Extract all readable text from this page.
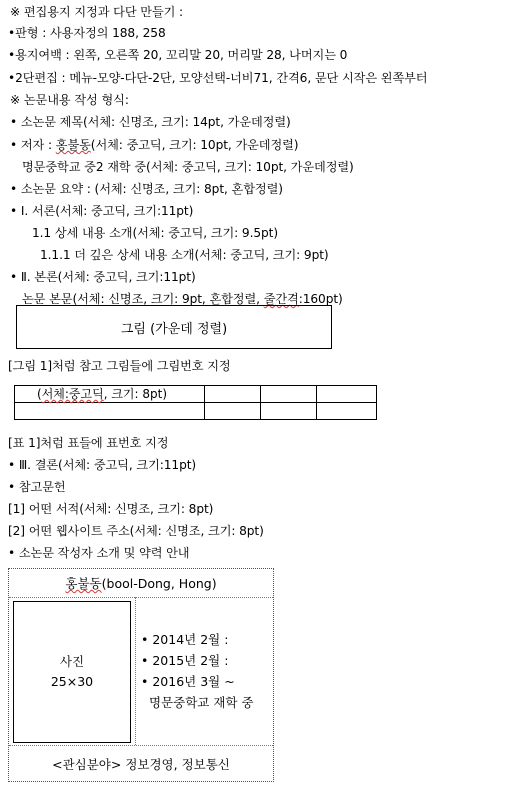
※ 편집용지 지정과 다단 만들기 :
•판형 : 사용자정의 188, 258
•용지여백 : 왼쪽, 오른쪽 20, 꼬리말 20, 머리말 28, 나머지는 0
•2단편집 : 메뉴-모양-다단-2단, 모양선택-너비71, 간격6, 문단 시작은 왼쪽부터
※ 논문내용 작성 형식:
• 소논문 제목(서체: 신명조, 크기: 14pt, 가운데정렬)
• 저자 : 홍불동(서체: 중고딕, 크기: 10pt, 가운데정렬)
명문중학교 중2 재학 중(서체: 중고딕, 크기: 10pt, 가운데정렬)
• 소논문 요약 : (서체: 신명조, 크기: 8pt, 혼합정렬)
• Ⅰ. 서론(서체: 중고딕, 크기:11pt)
1.1 상세 내용 소개(서체: 중고딕, 크기: 9.5pt)
1.1.1 더 깊은 상세 내용 소개(서체: 중고딕, 크기: 9pt)
• Ⅱ. 본론(서체: 중고딕, 크기:11pt)
논문 본문(서체: 신명조, 크기: 9pt, 혼합정렬, 줄간격:160pt)
그림 (가운데 정렬)
[그림 1]처럼 참고 그림들에 그림번호 지정
(서체:중고딕, 크기: 8pt)			

[표 1]처럼 표들에 표번호 지정
• Ⅲ. 결론(서체: 중고딕, 크기:11pt)
• 참고문헌
[1] 어떤 서적(서체: 신명조, 크기: 8pt)
[2] 어떤 웹사이트 주소(서체: 신명조, 크기: 8pt)
• 소논문 작성자 소개 및 약력 안내
홍불동 (bool-Dong, Hong)
사진
25×30
• 2014년 2월 :
• 2015년 2월 :
• 2016년 3월 ~
명문중학교 재학 중
<관심분야> 정보경영, 정보통신
